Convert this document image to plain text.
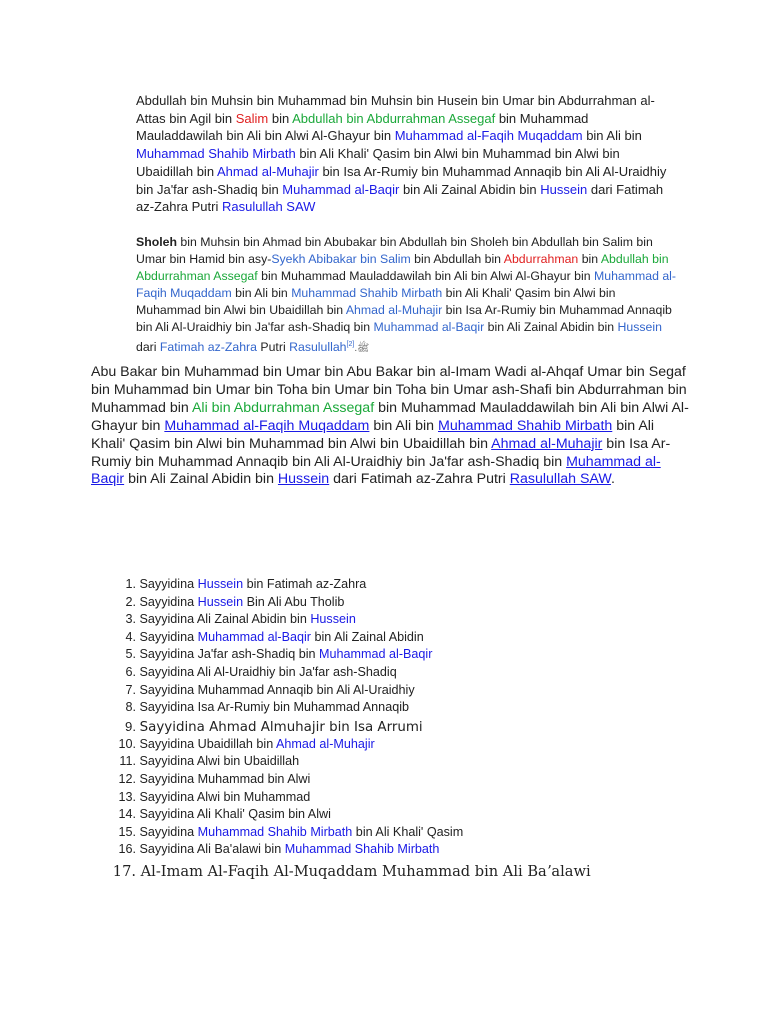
Abdullah bin Muhsin bin Muhammad bin Muhsin bin Husein bin Umar bin Abdurrahman al-Attas bin Agil bin Salim bin Abdullah bin Abdurrahman Assegaf bin Muhammad Mauladdawilah bin Ali bin Alwi Al-Ghayur bin Muhammad al-Faqih Muqaddam bin Ali bin Muhammad Shahib Mirbath bin Ali Khali' Qasim bin Alwi bin Muhammad bin Alwi bin Ubaidillah bin Ahmad al-Muhajir bin Isa Ar-Rumiy bin Muhammad Annaqib bin Ali Al-Uraidhiy bin Ja'far ash-Shadiq bin Muhammad al-Baqir bin Ali Zainal Abidin bin Hussein dari Fatimah az-Zahra Putri Rasulullah SAW
Sholeh bin Muhsin bin Ahmad bin Abubakar bin Abdullah bin Sholeh bin Abdullah bin Salim bin Umar bin Hamid bin asy-Syekh Abibakar bin Salim bin Abdullah bin Abdurrahman bin Abdullah bin Abdurrahman Assegaf bin Muhammad Mauladdawilah bin Ali bin Alwi Al-Ghayur bin Muhammad al-Faqih Muqaddam bin Ali bin Muhammad Shahib Mirbath bin Ali Khali' Qasim bin Alwi bin Muhammad bin Alwi bin Ubaidillah bin Ahmad al-Muhajir bin Isa Ar-Rumiy bin Muhammad Annaqib bin Ali Al-Uraidhiy bin Ja'far ash-Shadiq bin Muhammad al-Baqir bin Ali Zainal Abidin bin Hussein dari Fatimah az-Zahra Putri Rasulullah[2].ﷺ
Abu Bakar bin Muhammad bin Umar bin Abu Bakar bin al-Imam Wadi al-Ahqaf Umar bin Segaf bin Muhammad bin Umar bin Toha bin Umar bin Toha bin Umar ash-Shafi bin Abdurrahman bin Muhammad bin Ali bin Abdurrahman Assegaf bin Muhammad Mauladdawilah bin Ali bin Alwi Al-Ghayur bin Muhammad al-Faqih Muqaddam bin Ali bin Muhammad Shahib Mirbath bin Ali Khali' Qasim bin Alwi bin Muhammad bin Alwi bin Ubaidillah bin Ahmad al-Muhajir bin Isa Ar-Rumiy bin Muhammad Annaqib bin Ali Al-Uraidhiy bin Ja'far ash-Shadiq bin Muhammad al-Baqir bin Ali Zainal Abidin bin Hussein dari Fatimah az-Zahra Putri Rasulullah SAW.
1. Sayyidina Hussein bin Fatimah az-Zahra
2. Sayyidina Hussein Bin Ali Abu Tholib
3. Sayyidina Ali Zainal Abidin bin Hussein
4. Sayyidina Muhammad al-Baqir bin Ali Zainal Abidin
5. Sayyidina Ja'far ash-Shadiq bin Muhammad al-Baqir
6. Sayyidina Ali Al-Uraidhiy bin Ja'far ash-Shadiq
7. Sayyidina Muhammad Annaqib bin Ali Al-Uraidhiy
8. Sayyidina Isa Ar-Rumiy bin Muhammad Annaqib
9. Sayyidina Ahmad Almuhajir bin Isa Arrumi
10. Sayyidina Ubaidillah bin Ahmad al-Muhajir
11. Sayyidina Alwi bin Ubaidillah
12. Sayyidina Muhammad bin Alwi
13. Sayyidina Alwi bin Muhammad
14. Sayyidina Ali Khali' Qasim bin Alwi
15. Sayyidina Muhammad Shahib Mirbath bin Ali Khali' Qasim
16. Sayyidina Ali Ba'alawi bin Muhammad Shahib Mirbath
17. Al-Imam Al-Faqih Al-Muqaddam Muhammad bin Ali Baʼalawi
